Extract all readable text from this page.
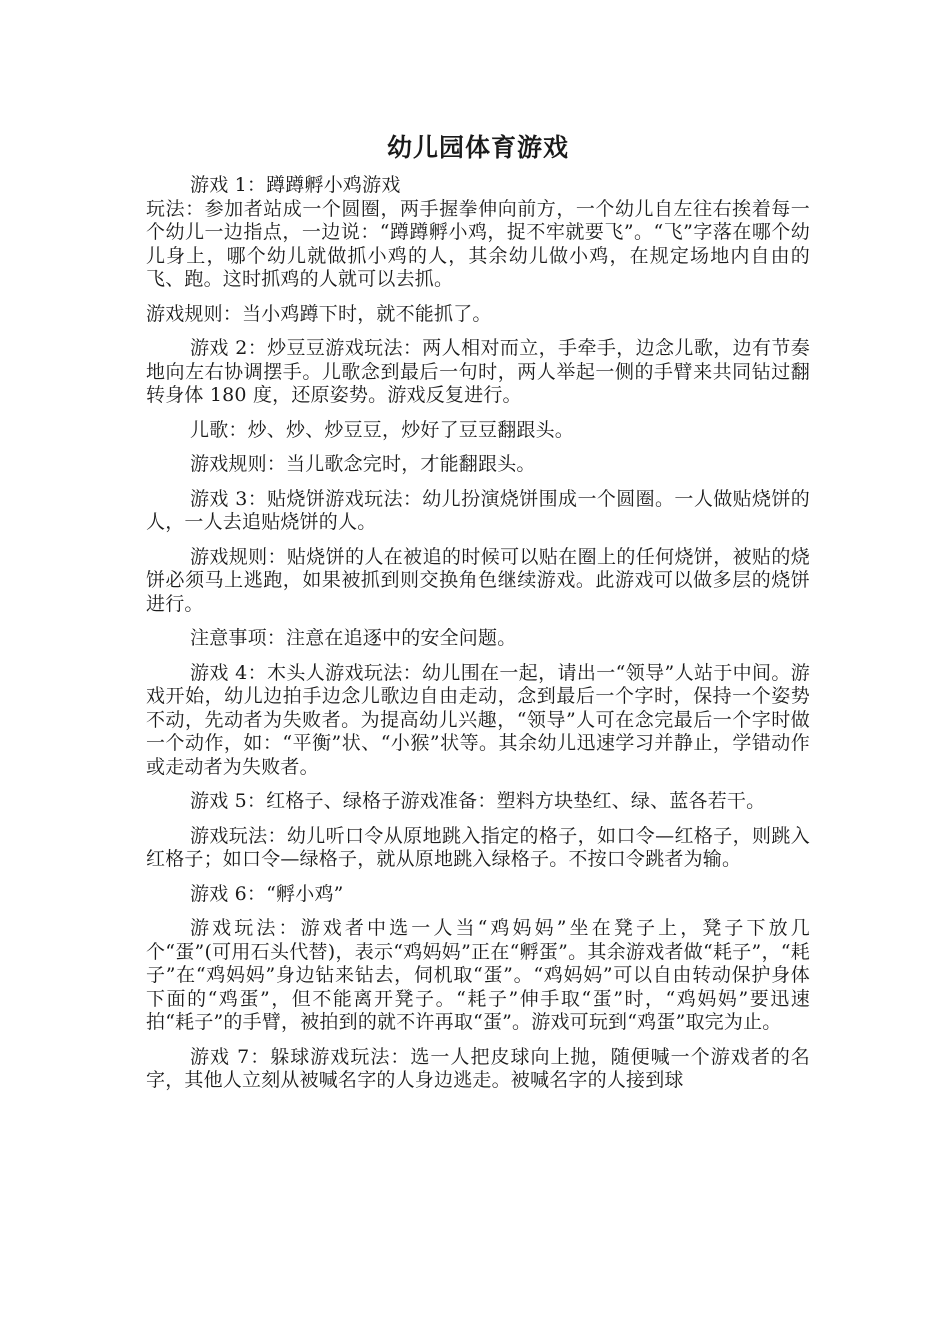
幼儿园体育游戏

游戏 1：蹲蹲孵小鸡游戏

玩法：参加者站成一个圆圈，两手握拳伸向前方，一个幼儿自左往右挨着每一个幼儿一边指点，一边说：“蹲蹲孵小鸡，捉不牢就要飞”。“飞”字落在哪个幼儿身上，哪个幼儿就做抓小鸡的人，其余幼儿做小鸡，在规定场地内自由的飞、跑。这时抓鸡的人就可以去抓。

游戏规则：当小鸡蹲下时，就不能抓了。

游戏 2：炒豆豆游戏玩法：两人相对而立，手牵手，边念儿歌，边有节奏地向左右协调摆手。儿歌念到最后一句时，两人举起一侧的手臂来共同钻过翻转身体 180 度，还原姿势。游戏反复进行。

儿歌：炒、炒、炒豆豆，炒好了豆豆翻跟头。

游戏规则：当儿歌念完时，才能翻跟头。

游戏 3：贴烧饼游戏玩法：幼儿扮演烧饼围成一个圆圈。一人做贴烧饼的人，一人去追贴烧饼的人。

游戏规则：贴烧饼的人在被追的时候可以贴在圈上的任何烧饼，被贴的烧饼必须马上逃跑，如果被抓到则交换角色继续游戏。此游戏可以做多层的烧饼进行。

注意事项：注意在追逐中的安全问题。

游戏 4：木头人游戏玩法：幼儿围在一起，请出一“领导”人站于中间。游戏开始，幼儿边拍手边念儿歌边自由走动，念到最后一个字时，保持一个姿势不动，先动者为失败者。为提高幼儿兴趣，“领导”人可在念完最后一个字时做一个动作，如：“平衡”状、“小猴”状等。其余幼儿迅速学习并静止，学错动作或走动者为失败者。

游戏 5：红格子、绿格子游戏准备：塑料方块垫红、绿、蓝各若干。

游戏玩法：幼儿听口令从原地跳入指定的格子，如口令—红格子，则跳入红格子；如口令—绿格子，就从原地跳入绿格子。不按口令跳者为输。

游戏 6：“孵小鸡”

游戏玩法：游戏者中选一人当“鸡妈妈”坐在凳子上，凳子下放几个“蛋”(可用石头代替)，表示“鸡妈妈”正在“孵蛋”。其余游戏者做“耗子”，“耗子”在“鸡妈妈”身边钻来钻去，伺机取“蛋”。“鸡妈妈”可以自由转动保护身体下面的“鸡蛋”，但不能离开凳子。“耗子”伸手取“蛋”时，“鸡妈妈”要迅速拍“耗子”的手臂，被拍到的就不许再取“蛋”。游戏可玩到“鸡蛋”取完为止。

游戏 7：躲球游戏玩法：选一人把皮球向上抛，随便喊一个游戏者的名字，其他人立刻从被喊名字的人身边逃走。被喊名字的人接到球
